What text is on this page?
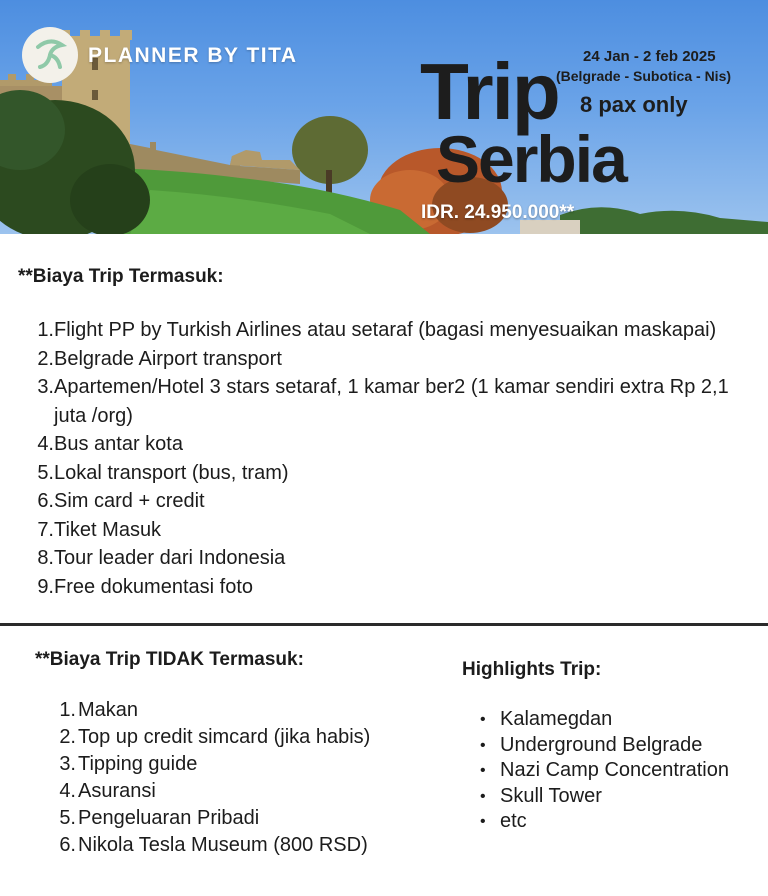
PLANNER BY TITA Trip
Serbia
24 Jan - 2 feb 2025
(Belgrade - Subotica - Nis)
8 pax only
IDR. 24.950.000**
**Biaya Trip Termasuk:
1. Flight PP by Turkish Airlines atau setaraf (bagasi menyesuaikan maskapai)
2. Belgrade Airport transport
3. Apartemen/Hotel 3 stars setaraf, 1 kamar ber2 (1 kamar sendiri extra Rp 2,1 juta /org)
4. Bus antar kota
5. Lokal transport (bus, tram)
6. Sim card + credit
7. Tiket Masuk
8. Tour leader dari Indonesia
9. Free dokumentasi foto
**Biaya Trip TIDAK Termasuk:
1. Makan
2. Top up credit simcard (jika habis)
3. Tipping guide
4. Asuransi
5. Pengeluaran Pribadi
6. Nikola Tesla Museum (800 RSD)
Highlights Trip:
• Kalamegdan
• Underground Belgrade
• Nazi Camp Concentration
• Skull Tower
• etc
